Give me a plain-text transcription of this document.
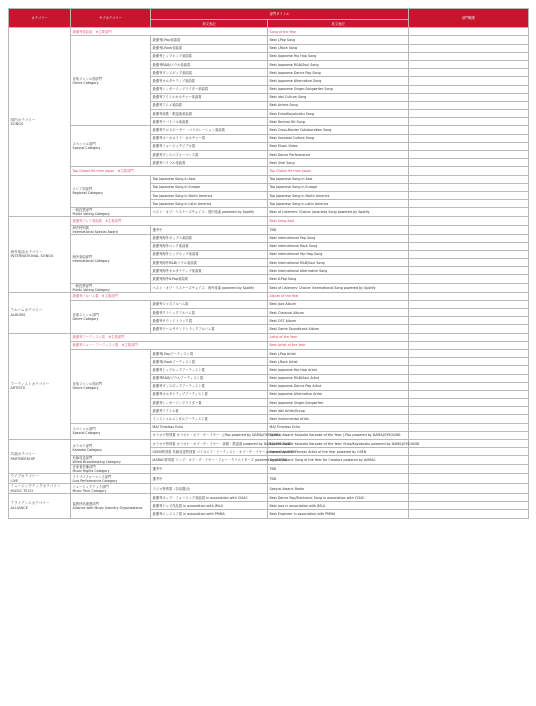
カテゴリー	サブカテゴリー	部門タイトル		部門概要
		和文表記	英文表記	
国内カテゴリー
SONGS	最優秀楽曲賞　※主要部門		Song of the Year	
	音楽ジャンル別部門
Genre Category	最優秀J-Pop楽曲賞	Best J-Pop Song	
		最優秀J-Rock楽曲賞	Best J-Rock Song	
		最優秀ヒップホップ楽曲賞	Best Japanese Hip Hop Song	
		最優秀R&B/ソウル楽曲賞	Best Japanese R&B/Soul Song	
		最優秀ダンスポップ楽曲賞	Best Japanese Dance Pop Song	
		最優秀オルタナティブ楽曲賞	Best Japanese Alternative Song	
		最優秀シンガーソングライター楽曲賞	Best Japanese Singer-Songwriter Song	
		最優秀アイドルカルチャー楽曲賞	Best Idol Culture Song	
		最優秀アニメ楽曲賞	Best Anime Song	
		最優秀演歌・歌謡曲楽曲賞	Best Enka/Kayokyoku Song	
		最優秀リバイバル楽曲賞	Best Revival Hit Song	
	スペシャル部門
Special Category	最優秀クロスボーダー・コラボレーション楽曲賞	Best Cross-Border Collaboration Song	
		最優秀ボーカロイド・カルチャー賞	Best Vocaloid Culture Song	
		最優秀ミュージックビデオ賞	Best Music Video	
		最優秀ダンスパフォーマンス賞	Best Dance Performance	
		最優秀バイラル楽曲賞	Best Viral Song	
	Top Global Hit from Japan　※主要部門		Top Global Hit from Japan	
	エリア別部門
Regional Category	Top Japanese Song in Asia	Top Japanese Song in Asia	
		Top Japanese Song in Europe	Top Japanese Song in Europe	
		Top Japanese Song in North America	Top Japanese Song in North America	
		Top Japanese Song in Latin America	Top Japanese Song in Latin America	
	一般投票部門
Public Voting Category	ベスト・オブ・リスナーズチョイス：国内楽曲 powered by Spotify	Best of Listeners' Choice: Japanese Song powered by Spotify	
海外楽曲カテゴリー
INTERNATIONAL SONGS	最優秀アジア楽曲賞　※主要部門		Best Song Asia	
	海外特別賞
International Special Award	選考中	TBD	
	海外楽曲部門
International Category	最優秀海外ポップス楽曲賞	Best International Pop Song	
		最優秀海外ロック楽曲賞	Best International Rock Song	
		最優秀海外ヒップホップ楽曲賞	Best International Hip Hop Song	
		最優秀海外R&B/ソウル楽曲賞	Best International R&B/Soul Song	
		最優秀海外オルタナティブ楽曲賞	Best International Alternative Song	
		最優秀海外K-Pop楽曲賞	Best K-Pop Song	
	一般投票部門
Public Voting Category	ベスト・オブ・リスナーズチョイス：海外楽曲 powered by Spotify	Best of Listeners' Choice: International Song powered by Spotify	
アルバムカテゴリー
ALBUMS	最優秀アルバム賞　※主要部門		Album of the Year	
	音楽ジャンル部門
Genre Category	最優秀ジャズアルバム賞	Best Jazz Album	
		最優秀クラシックアルバム賞	Best Classical Album	
		最優秀サウンドトラック賞	Best OST Album	
		最優秀ゲームサウンドトラックアルバム賞	Best Game Soundtrack Album	
アーティストカテゴリー
ARTISTS	最優秀アーティスト賞　※主要部門		Artist of the Year	
	最優秀ニュー・アーティスト賞　※主要部門		New Artist of the Year	
	音楽ジャンル別部門
Genre Category	最優秀J-Popアーティスト賞	Best J-Pop Artist	
		最優秀J-Rockアーティスト賞	Best J-Rock Artist	
		最優秀ヒップホップアーティスト賞	Best Japanese Hip Hop Artist	
		最優秀R&B/ソウルアーティスト賞	Best Japanese R&B/Soul Artist	
		最優秀ダンスポップアーティスト賞	Best Japanese Dance Pop Artist	
		最優秀オルタナティブアーティスト賞	Best Japanese Alternative Artist	
		最優秀シンガーソングライター賞	Best Japanese Singer-Songwriter	
		最優秀アイドル賞	Best Idol Artist/Group	
		インストゥルメンタルアーティスト賞	Best Instrumental Artist	
	スペシャル部門
Special Category	MAJ Timeless Echo	MAJ Timeless Echo	
		カラオケ特別賞 カラオケ・オブ・ザ・イヤー：J-Pop powered by DAM&JOYSOUND	Special Award: Karaoke Karaoke of the Year: J-Pop powered by DAM&JOYSOUND	
共創カテゴリー
PARTNERSHIP	カラオケ部門
Karaoke Category	カラオケ特別賞 カラオケ・オブ・ザ・イヤー：演歌・歌謡曲 powered by DAM&JOYSOUND	Special Award: Karaoke Karaoke of the Year: Enka/Kayokyoku powered by DAM&JOYSOUND	
		USEN特別賞 有線放送特別賞 パイオニア・アーティスト・オブ・ザ・イヤー powered by USEN	Special Award: Pioneer Artist of the Year powered by USEN	
	有線放送部門
Wired Broadcasting Category	JASRAC特別賞 ソング・オブ・ザ・イヤー・フォー・クリエイターズ powered by JASRAC	Special Award: Song of the Year for Creators powered by JASRAC	
	音楽著作権部門
Music Rights Category	選考中	TBD	
ライブカテゴリー
LIVE	ライブパフォーマンス部門
Live Performance Category	選考中	TBD	
ミュージックテックカテゴリー
MUSIC TECH	ミュージックテック部門
Music Tech Category	ラジオ特別賞（各局選出）	Special Award: Radio	
アライアンスカテゴリー
ALLIANCE	協賛団体連携部門
Alliance with Music Industry Organizations	最優秀ポップ・ミュージック楽曲賞 in association with CISAC	Best Dance Pop/Electronic Song in association with CISAC	
		最優秀ジャズ作品賞 in association with JMLA	Best Jazz in association with JMLA	
		最優秀エンジニア賞 in association with PMMA	Best Engineer in association with PMMA	
